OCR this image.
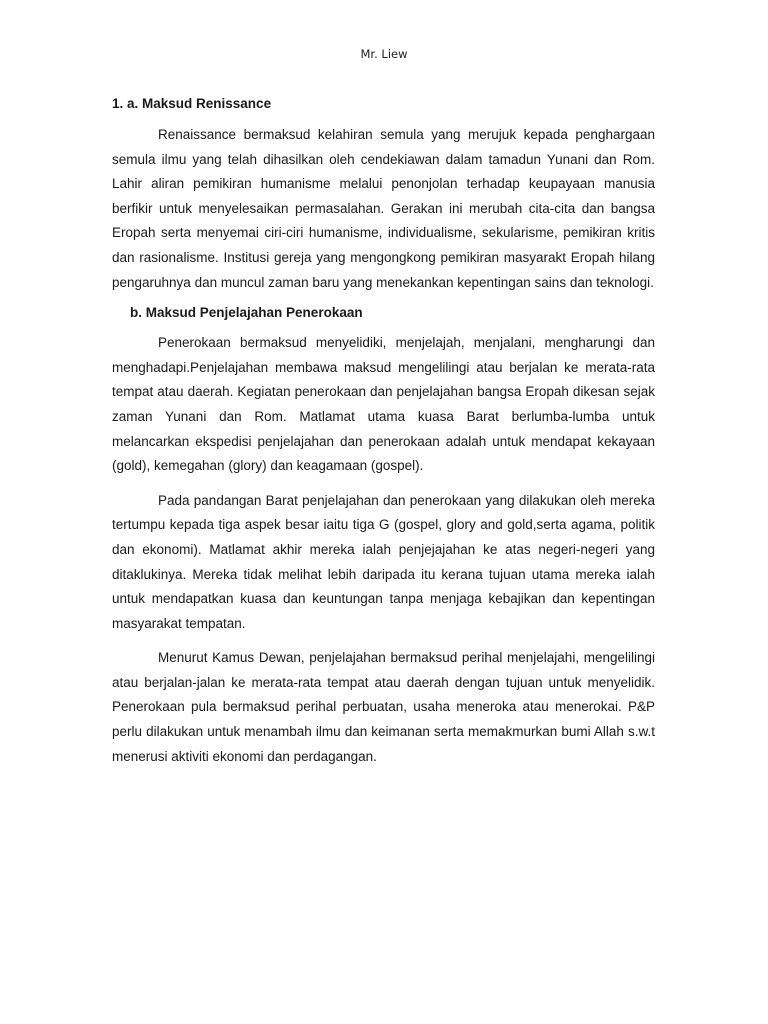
Mr. Liew

1. a. Maksud Renissance

Renaissance bermaksud kelahiran semula yang merujuk kepada penghargaan semula ilmu yang telah dihasilkan oleh cendekiawan dalam tamadun Yunani dan Rom. Lahir aliran pemikiran humanisme melalui penonjolan terhadap keupayaan manusia berfikir untuk menyelesaikan permasalahan. Gerakan ini merubah cita-cita dan bangsa Eropah serta menyemai ciri-ciri humanisme, individualisme, sekularisme, pemikiran kritis dan rasionalisme. Institusi gereja yang mengongkong pemikiran masyarakt Eropah hilang pengaruhnya dan muncul zaman baru yang menekankan kepentingan sains dan teknologi.

b. Maksud Penjelajahan Penerokaan

Penerokaan bermaksud menyelidiki, menjelajah, menjalani, mengharungi dan menghadapi.Penjelajahan membawa maksud mengelilingi atau berjalan ke merata-rata tempat atau daerah. Kegiatan penerokaan dan penjelajahan bangsa Eropah dikesan sejak zaman Yunani dan Rom. Matlamat utama kuasa Barat berlumba-lumba untuk melancarkan ekspedisi penjelajahan dan penerokaan adalah untuk mendapat kekayaan (gold), kemegahan (glory) dan keagamaan (gospel).

Pada pandangan Barat penjelajahan dan penerokaan yang dilakukan oleh mereka tertumpu kepada tiga aspek besar iaitu tiga G (gospel, glory and gold,serta agama, politik dan ekonomi). Matlamat akhir mereka ialah penjejajahan ke atas negeri-negeri yang ditaklukinya. Mereka tidak melihat lebih daripada itu kerana tujuan utama mereka ialah untuk mendapatkan kuasa dan keuntungan tanpa menjaga kebajikan dan kepentingan masyarakat tempatan.

Menurut Kamus Dewan, penjelajahan bermaksud perihal menjelajahi, mengelilingi atau berjalan-jalan ke merata-rata tempat atau daerah dengan tujuan untuk menyelidik. Penerokaan pula bermaksud perihal perbuatan, usaha meneroka atau menerokai. P&P perlu dilakukan untuk menambah ilmu dan keimanan serta memakmurkan bumi Allah s.w.t menerusi aktiviti ekonomi dan perdagangan.
